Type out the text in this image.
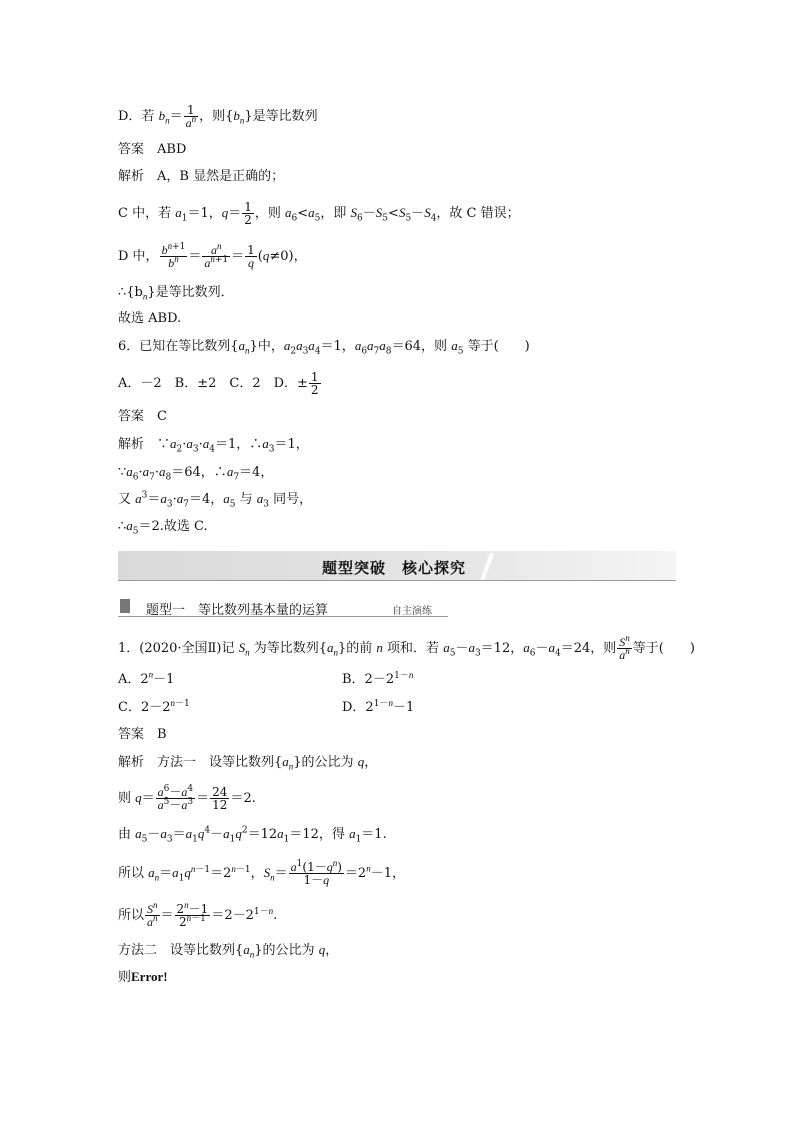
D．若 $b_n= \frac{1}{a^n}$ ，则$\{b_n\}$是等比数列
答案　ABD
解析　A，B 显然是正确的；
C 中，若 $a_1=1$，$q= \frac{1}{2}$ ，则 $a_6<a_5$，即 $S_6-S_5<S_5-S_4$，故 C 错误；
D 中， $\frac{b^{n+1}}{b^n} = \frac{a^n}{a^{n+1}} = \frac{1}{q} (q\ne 0)$，
$\therefore\{b_n\}$是等比数列．
故选 ABD.
6．已知在等比数列$\{a_n\}$中，$a_2a_3a_4=1$，$a_6a_7a_8=64$，则 $a_5$ 等于(　　)
A．－2　B．±2　C．2　D．± $\frac{1}{2}$
答案　C
解析　$\because a_2\cdot a_3\cdot a_4=1$，$\therefore a_3=1$，
$\because a_6\cdot a_7\cdot a_8=64$，$\therefore a_7=4$，
又 $a^3=a_3\cdot a_7=4$，$a_5$ 与 $a_3$ 同号，
$\therefore a_5=2$.故选 C.
题型突破　核心探究
题型一　等比数列基本量的运算	自主演练
1．(2020·全国Ⅱ)记 $S_n$ 为等比数列$\{a_n\}$的前 n 项和．若 $a_5-a_3=12$，$a_6-a_4=24$，则 $\frac{S^n}{a^n}$ 等于(　　)
A．$2^n-1$	B．$2-2^{1-n}$
C．$2-2^{n-1}$	D．$2^{1-n}-1$
答案　B
解析　方法一　设等比数列$\{a_n\}$的公比为 q，
则 $q= \frac{a^6-a^4}{a^5-a^3} = \frac{24}{12} =2$.
由 $a_5-a_3=a_1q^4-a_1q^2=12a_1=12$，得 $a_1=1$.
所以 $a_n=a_1q^{n-1}=2^{n-1}$，$S_n= \frac{a^1(1-q^n)}{1-q} =2^n-1$，
所以 $\frac{S^n}{a^n} = \frac{2^n-1}{2^{n-1}} =2-2^{1-n}$.
方法二　设等比数列$\{a_n\}$的公比为 q，
则Error!
